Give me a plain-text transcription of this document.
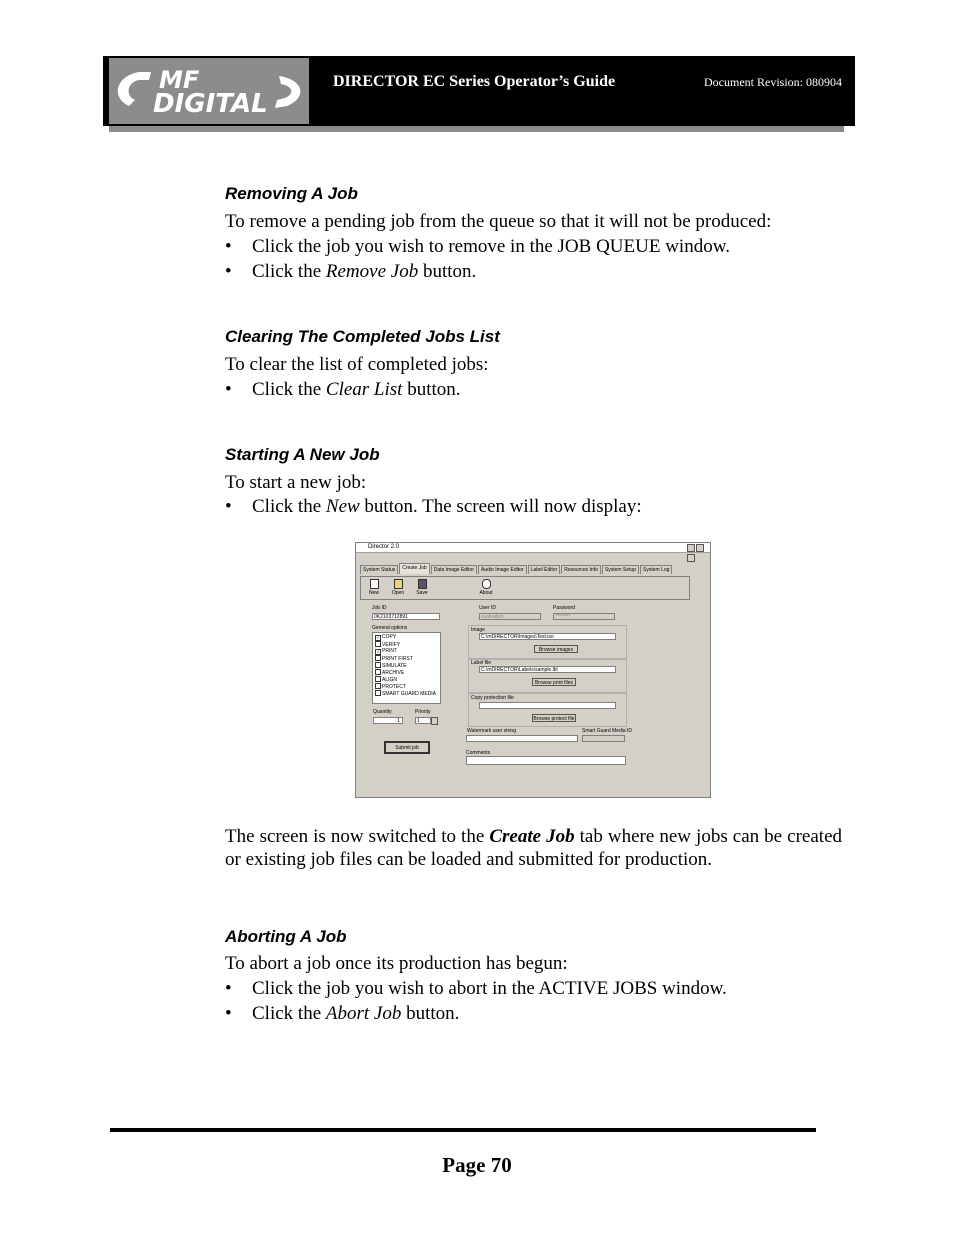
MF
DIGITAL
DIRECTOR EC Series Operator’s Guide	Document Revision: 080904
Removing A Job

To remove a pending job from the queue so that it will not be produced:

• Click the job you wish to remove in the JOB QUEUE window.
• Click the Remove Job button.
Clearing The Completed Jobs List

To clear the list of completed jobs:

• Click the Clear List button.
Starting A New Job

To start a new job:

• Click the New button. The screen will now display:
Director 2.0
System Status Create Job Data Image Editor Audio Image Editor Label Editor Resources Info System Setup System Log
New	Open	Save	About
Job ID
0K2103712891
General options
✓ COPY
VERIFY
✓ PRINT
PRINT FIRST
SIMULATE
ARCHIVE
ALIGN
PROTECT
SMART GUARD MEDIA
Quantity
1
Priority
1
Submit job
User ID
evaluation
Password
********
Image
C:\mDIRECTOR\Images\Test.iso
Browse images
Label file
C:\mDIRECTOR\Labels\sample.lbl
Browse print files
Copy protection file
Browse protect file
Watermark user string	Smart Guard Media ID
Comments

The screen is now switched to the Create Job tab where new jobs can be created or existing job files can be loaded and submitted for production.

Aborting A Job

To abort a job once its production has begun:

• Click the job you wish to abort in the ACTIVE JOBS window.
• Click the Abort Job button.
Page 70
